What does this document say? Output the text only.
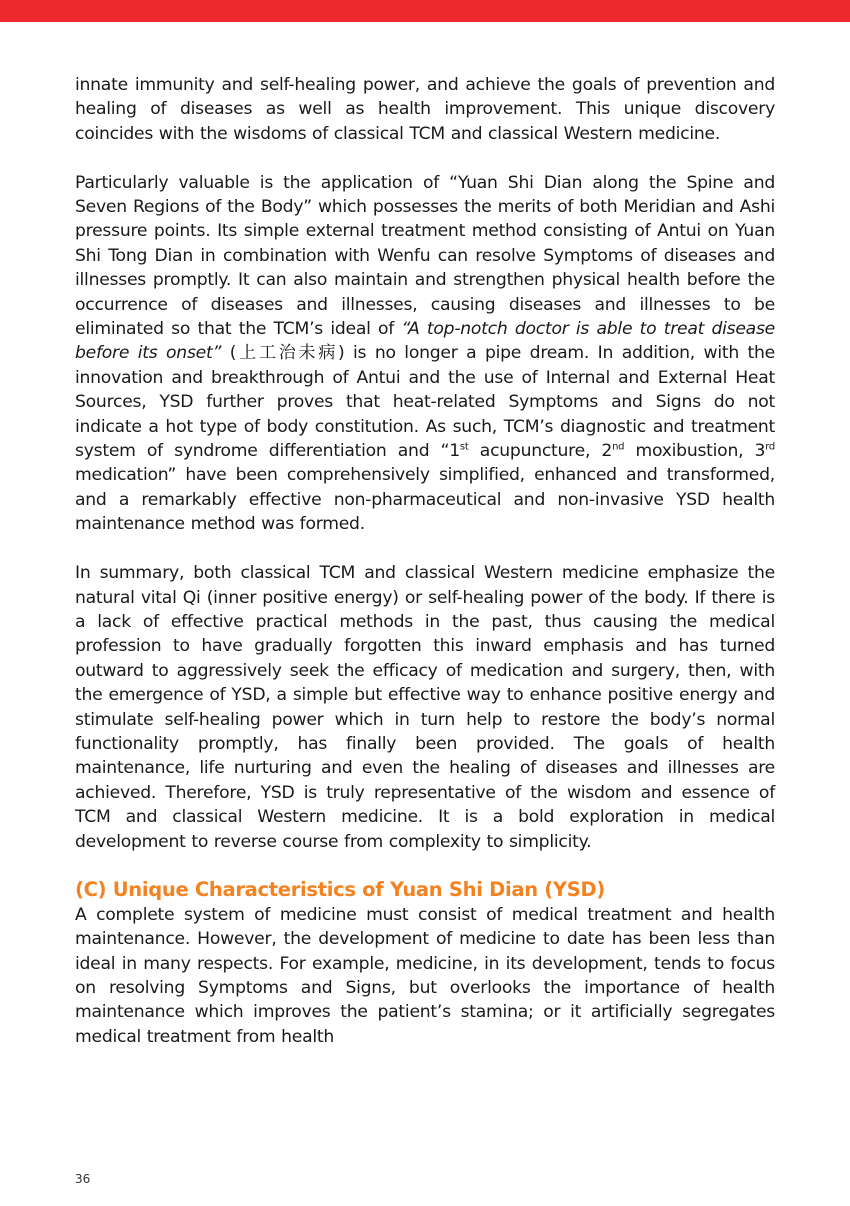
innate immunity and self-healing power, and achieve the goals of prevention and healing of diseases as well as health improvement. This unique discovery coincides with the wisdoms of classical TCM and classical Western medicine.

Particularly valuable is the application of “Yuan Shi Dian along the Spine and Seven Regions of the Body” which possesses the merits of both Meridian and Ashi pressure points. Its simple external treatment method consisting of Antui on Yuan Shi Tong Dian in combination with Wenfu can resolve Symptoms of diseases and illnesses promptly. It can also maintain and strengthen physical health before the occurrence of diseases and illnesses, causing diseases and illnesses to be eliminated so that the TCM’s ideal of “A top-notch doctor is able to treat disease before its onset” (上工治未病) is no longer a pipe dream. In addition, with the innovation and breakthrough of Antui and the use of Internal and External Heat Sources, YSD further proves that heat-related Symptoms and Signs do not indicate a hot type of body constitution. As such, TCM’s diagnostic and treatment system of syndrome differentiation and “1st acupuncture, 2nd moxibustion, 3rd medication” have been comprehensively simplified, enhanced and transformed, and a remarkably effective non-pharmaceutical and non-invasive YSD health maintenance method was formed.

In summary, both classical TCM and classical Western medicine emphasize the natural vital Qi (inner positive energy) or self-healing power of the body. If there is a lack of effective practical methods in the past, thus causing the medical profession to have gradually forgotten this inward emphasis and has turned outward to aggressively seek the efficacy of medication and surgery, then, with the emergence of YSD, a simple but effective way to enhance positive energy and stimulate self-healing power which in turn help to restore the body’s normal functionality promptly, has finally been provided. The goals of health maintenance, life nurturing and even the healing of diseases and illnesses are achieved. Therefore, YSD is truly representative of the wisdom and essence of TCM and classical Western medicine. It is a bold exploration in medical development to reverse course from complexity to simplicity.

(C) Unique Characteristics of Yuan Shi Dian (YSD)

A complete system of medicine must consist of medical treatment and health maintenance. However, the development of medicine to date has been less than ideal in many respects. For example, medicine, in its development, tends to focus on resolving Symptoms and Signs, but overlooks the importance of health maintenance which improves the patient’s stamina; or it artificially segregates medical treatment from health

36
